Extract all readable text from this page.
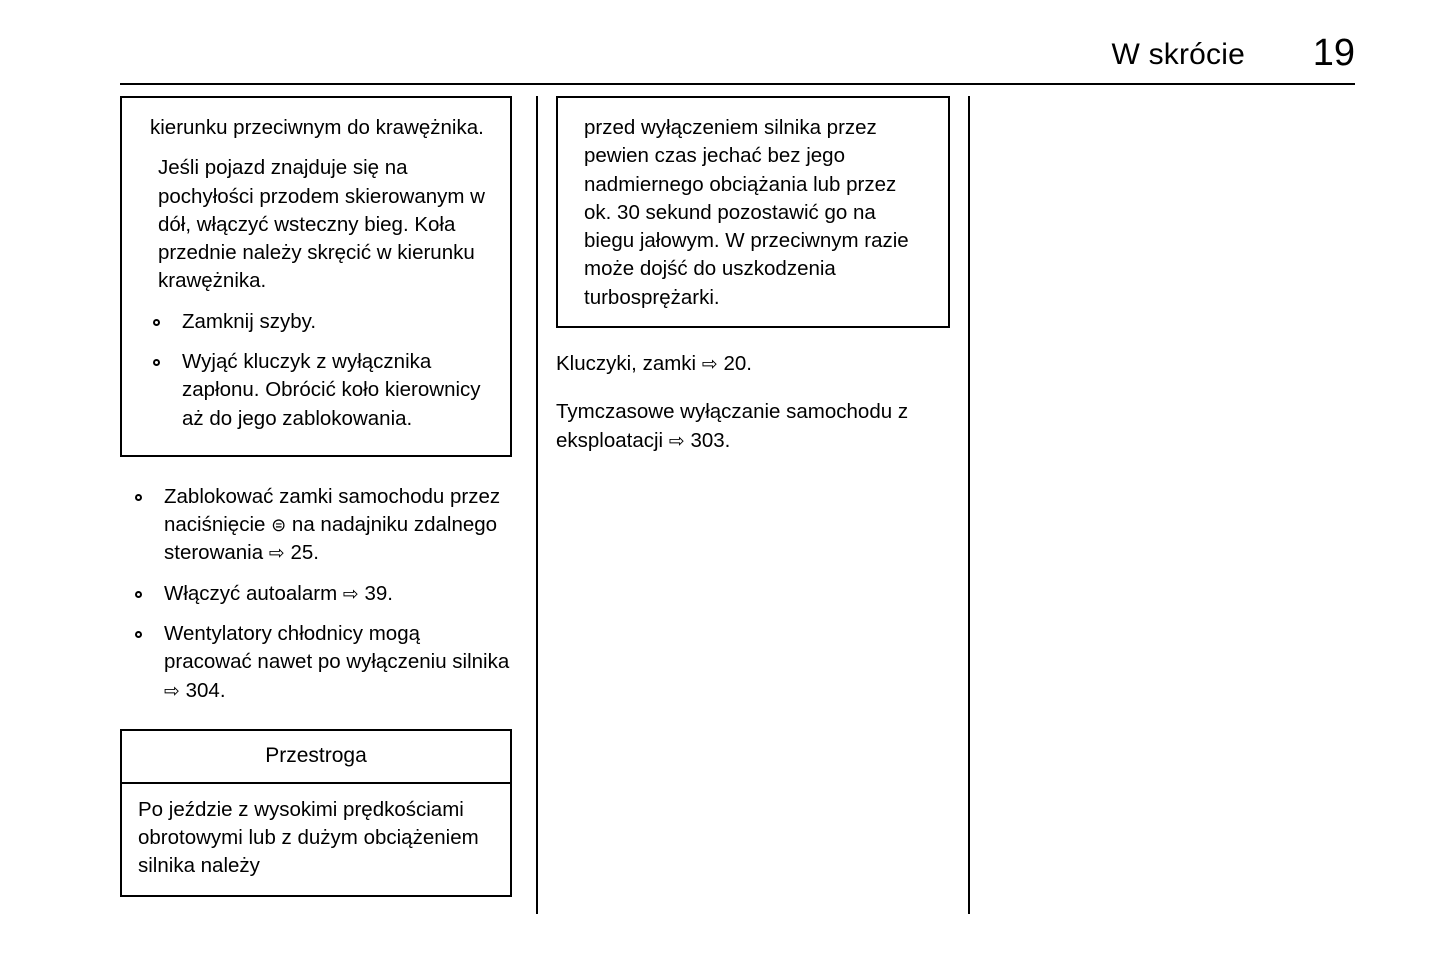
W skrócie 19

kierunku przeciwnym do krawężnika.

Jeśli pojazd znajduje się na pochyłości przodem skierowanym w dół, włączyć wsteczny bieg. Koła przednie należy skręcić w kierunku krawężnika.

Zamknij szyby.
Wyjąć kluczyk z wyłącznika zapłonu. Obrócić koło kierownicy aż do jego zablokowania.
Zablokować zamki samochodu przez naciśnięcie ⊜ na nadajniku zdalnego sterowania ⇨ 25.
Włączyć autoalarm ⇨ 39.
Wentylatory chłodnicy mogą pracować nawet po wyłączeniu silnika ⇨ 304.
Przestroga
Po jeździe z wysokimi prędkościami obrotowymi lub z dużym obciążeniem silnika należy

przed wyłączeniem silnika przez pewien czas jechać bez jego nadmiernego obciążania lub przez ok. 30 sekund pozostawić go na biegu jałowym. W przeciwnym razie może dojść do uszkodzenia turbosprężarki.

Kluczyki, zamki ⇨ 20.

Tymczasowe wyłączanie samochodu z eksploatacji ⇨ 303.
